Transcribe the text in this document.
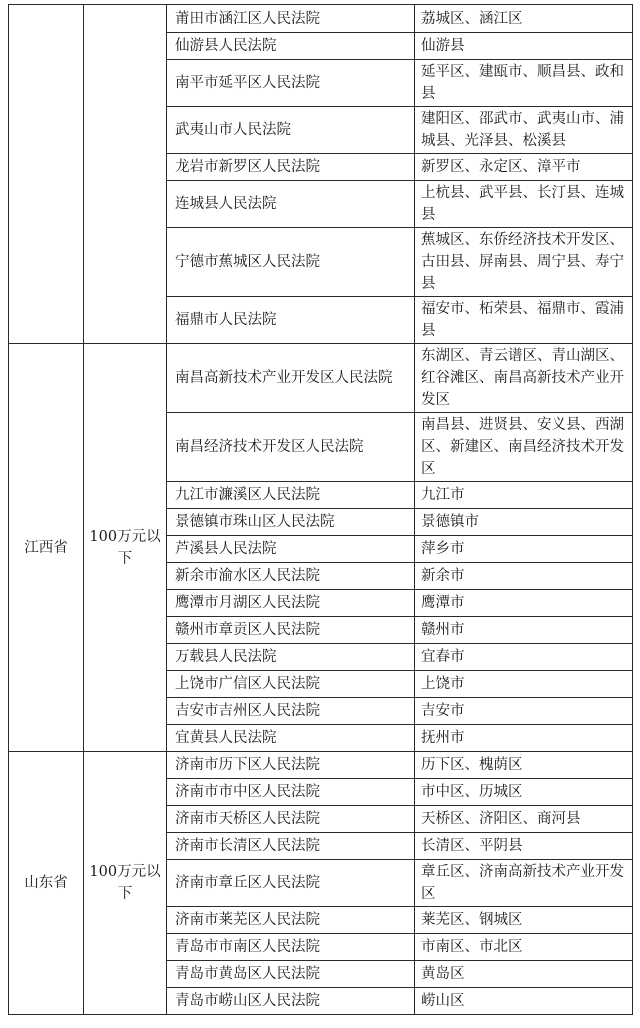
		莆田市涵江区人民法院	荔城区、涵江区
		仙游县人民法院	仙游县
		南平市延平区人民法院	延平区、建瓯市、顺昌县、政和县
		武夷山市人民法院	建阳区、邵武市、武夷山市、浦城县、光泽县、松溪县
		龙岩市新罗区人民法院	新罗区、永定区、漳平市
		连城县人民法院	上杭县、武平县、长汀县、连城县
		宁德市蕉城区人民法院	蕉城区、东侨经济技术开发区、古田县、屏南县、周宁县、寿宁县
		福鼎市人民法院	福安市、柘荣县、福鼎市、霞浦县
江西省	100万元以下	南昌高新技术产业开发区人民法院	东湖区、青云谱区、青山湖区、红谷滩区、南昌高新技术产业开发区
		南昌经济技术开发区人民法院	南昌县、进贤县、安义县、西湖区、新建区、南昌经济技术开发区
		九江市濂溪区人民法院	九江市
		景德镇市珠山区人民法院	景德镇市
		芦溪县人民法院	萍乡市
		新余市渝水区人民法院	新余市
		鹰潭市月湖区人民法院	鹰潭市
		赣州市章贡区人民法院	赣州市
		万载县人民法院	宜春市
		上饶市广信区人民法院	上饶市
		吉安市吉州区人民法院	吉安市
		宜黄县人民法院	抚州市
山东省	100万元以下	济南市历下区人民法院	历下区、槐荫区
		济南市市中区人民法院	市中区、历城区
		济南市天桥区人民法院	天桥区、济阳区、商河县
		济南市长清区人民法院	长清区、平阴县
		济南市章丘区人民法院	章丘区、济南高新技术产业开发区
		济南市莱芜区人民法院	莱芜区、钢城区
		青岛市市南区人民法院	市南区、市北区
		青岛市黄岛区人民法院	黄岛区
		青岛市崂山区人民法院	崂山区
